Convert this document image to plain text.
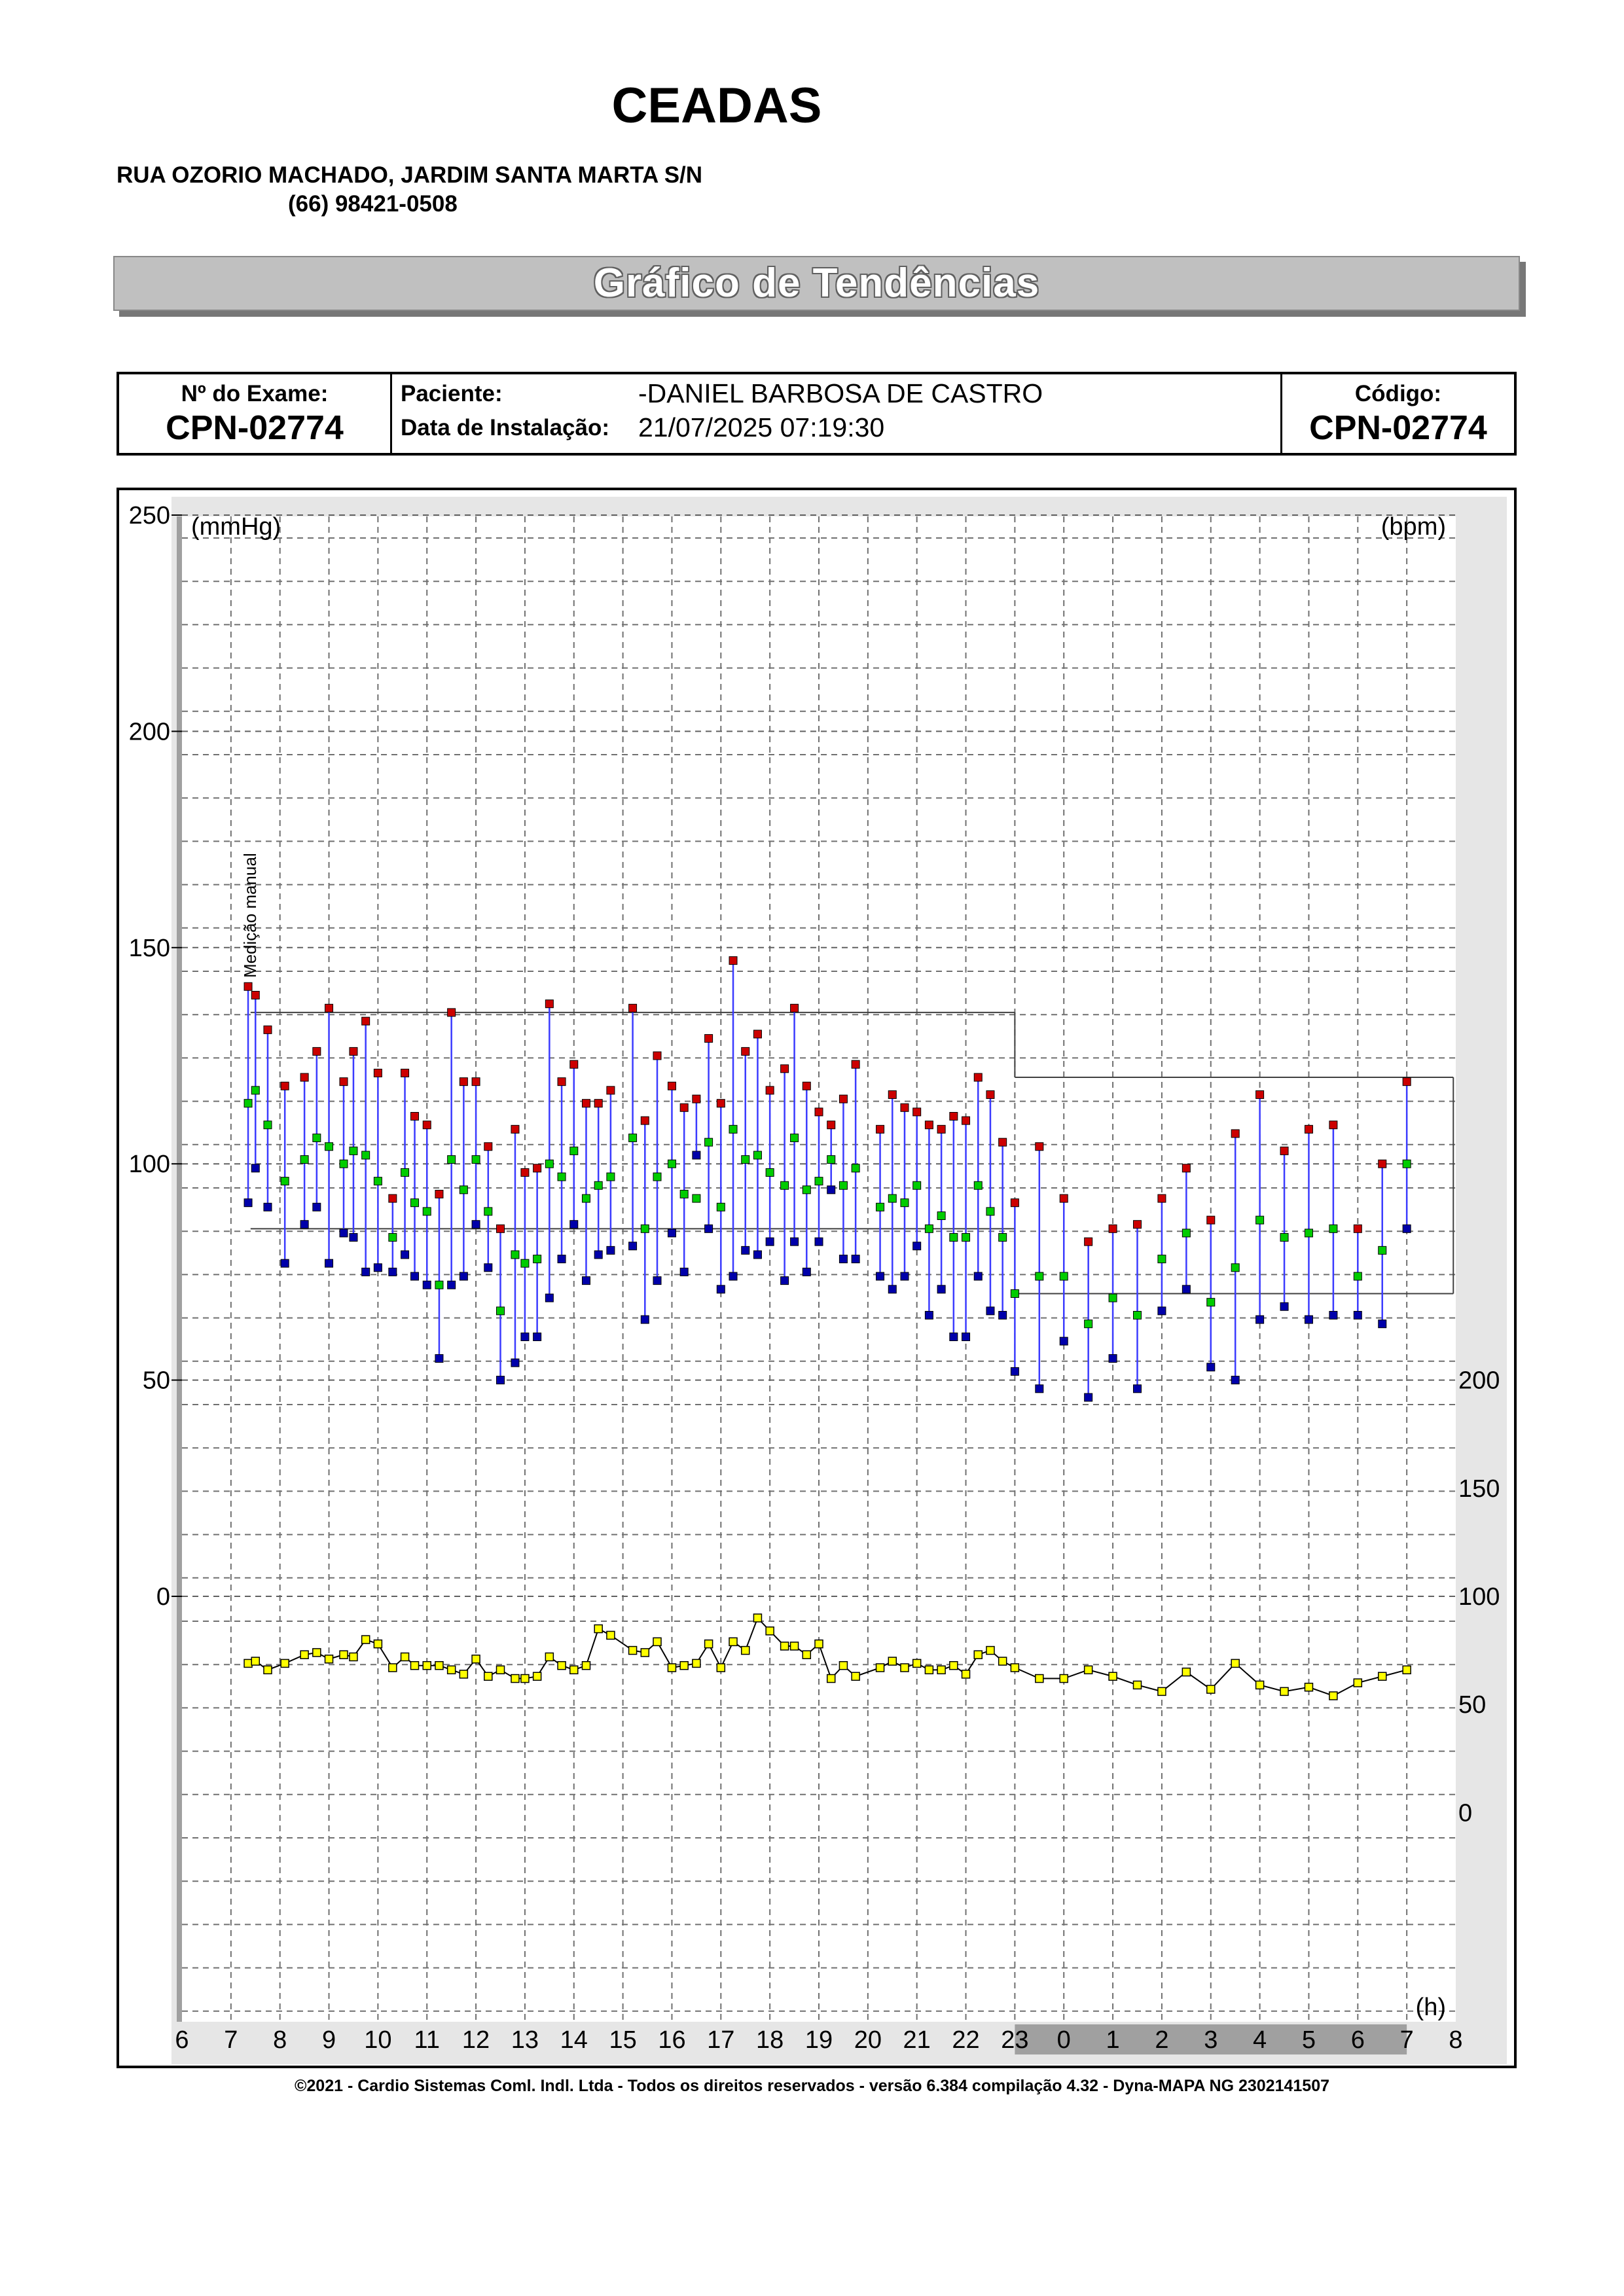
CEADAS
RUA OZORIO MACHADO, JARDIM SANTA MARTA S/N
(66) 98421-0508
Gráfico de Tendências
Nº do Exame:
CPN-02774
Paciente:	-DANIEL BARBOSA DE CASTRO
Data de Instalação: 21/07/2025 07:19:30
Código:
CPN-02774
250
200
150
100
50
0
200
150
100
50
0
6 7 8 9 10 11 12 13 14 15 16 17 18 19 20 21 22 23 0 1 2 3 4 5 6 7 8
(mmHg)	(bpm)
(h)
Medição manual
©2021 - Cardio Sistemas Coml. Indl. Ltda - Todos os direitos reservados - versão 6.384 compilação 4.32 - Dyna-MAPA NG 2302141507
